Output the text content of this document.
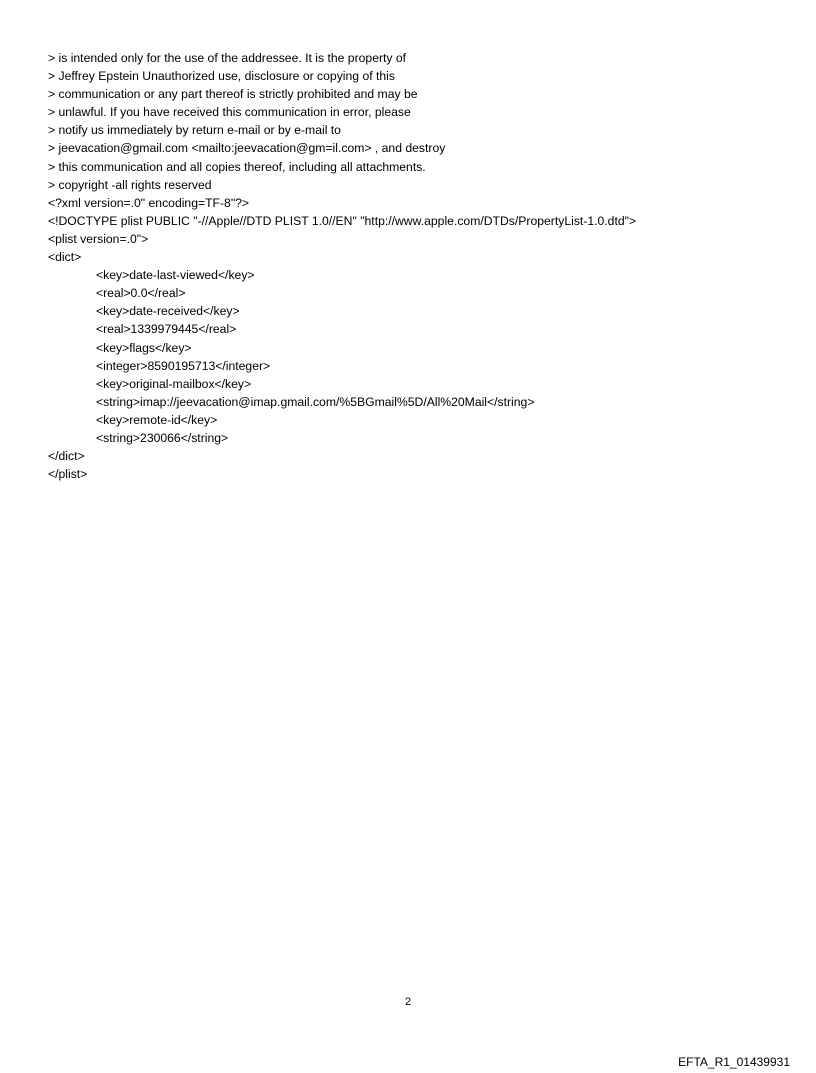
> is intended only for the use of the addressee. It is the property of
> Jeffrey Epstein Unauthorized use, disclosure or copying of this
> communication or any part thereof is strictly prohibited and may be
> unlawful. If you have received this communication in error, please
> notify us immediately by return e-mail or by e-mail to
> jeevacation@gmail.com <mailto:jeevacation@gm=il.com> , and destroy
> this communication and all copies thereof, including all attachments.
> copyright -all rights reserved
<?xml version=.0" encoding=TF-8"?>
<!DOCTYPE plist PUBLIC "-//Apple//DTD PLIST 1.0//EN" "http://www.apple.com/DTDs/PropertyList-1.0.dtd">
<plist version=.0">
<dict>
<key>date-last-viewed</key>
<real>0.0</real>
<key>date-received</key>
<real>1339979445</real>
<key>flags</key>
<integer>8590195713</integer>
<key>original-mailbox</key>
<string>imap://jeevacation@imap.gmail.com/%5BGmail%5D/All%20Mail</string>
<key>remote-id</key>
<string>230066</string>
</dict>
</plist>
2
EFTA_R1_01439931
